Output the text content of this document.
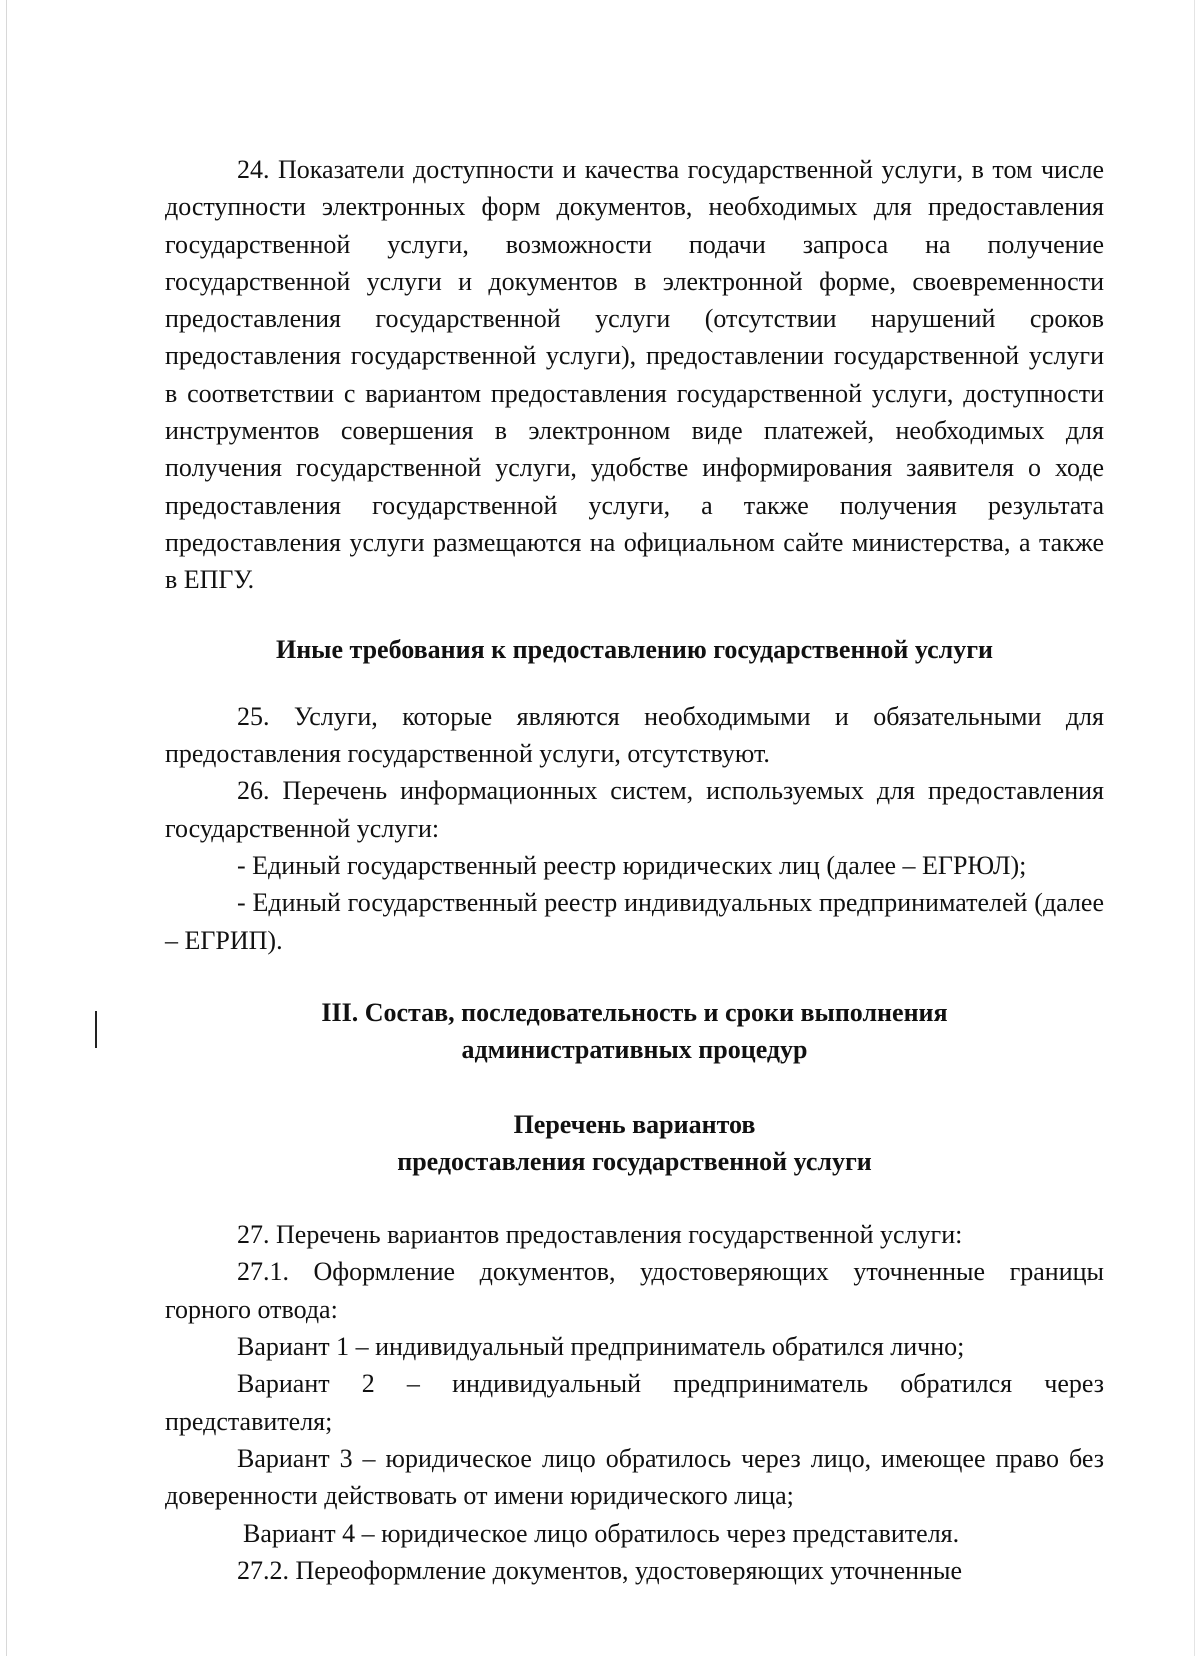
24. Показатели доступности и качества государственной услуги, в том числе доступности электронных форм документов, необходимых для предоставления государственной услуги, возможности подачи запроса на получение государственной услуги и документов в электронной форме, своевременности предоставления государственной услуги (отсутствии нарушений сроков предоставления государственной услуги), предоставлении государственной услуги в соответствии с вариантом предоставления государственной услуги, доступности инструментов совершения в электронном виде платежей, необходимых для получения государственной услуги, удобстве информирования заявителя о ходе предоставления государственной услуги, а также получения результата предоставления услуги размещаются на официальном сайте министерства, а также в ЕПГУ.

Иные требования к предоставлению государственной услуги

25. Услуги, которые являются необходимыми и обязательными для предоставления государственной услуги, отсутствуют.

26. Перечень информационных систем, используемых для предоставления государственной услуги:

- Единый государственный реестр юридических лиц (далее – ЕГРЮЛ);

- Единый государственный реестр индивидуальных предпринимателей (далее – ЕГРИП).

III. Состав, последовательность и сроки выполнения

административных процедур

Перечень вариантов

предоставления государственной услуги

27. Перечень вариантов предоставления государственной услуги:

27.1. Оформление документов, удостоверяющих уточненные границы горного отвода:

Вариант 1 – индивидуальный предприниматель обратился лично;

Вариант 2 – индивидуальный предприниматель обратился через представителя;

Вариант 3 – юридическое лицо обратилось через лицо, имеющее право без доверенности действовать от имени юридического лица;

Вариант 4 – юридическое лицо обратилось через представителя.

27.2. Переоформление документов, удостоверяющих уточненные
